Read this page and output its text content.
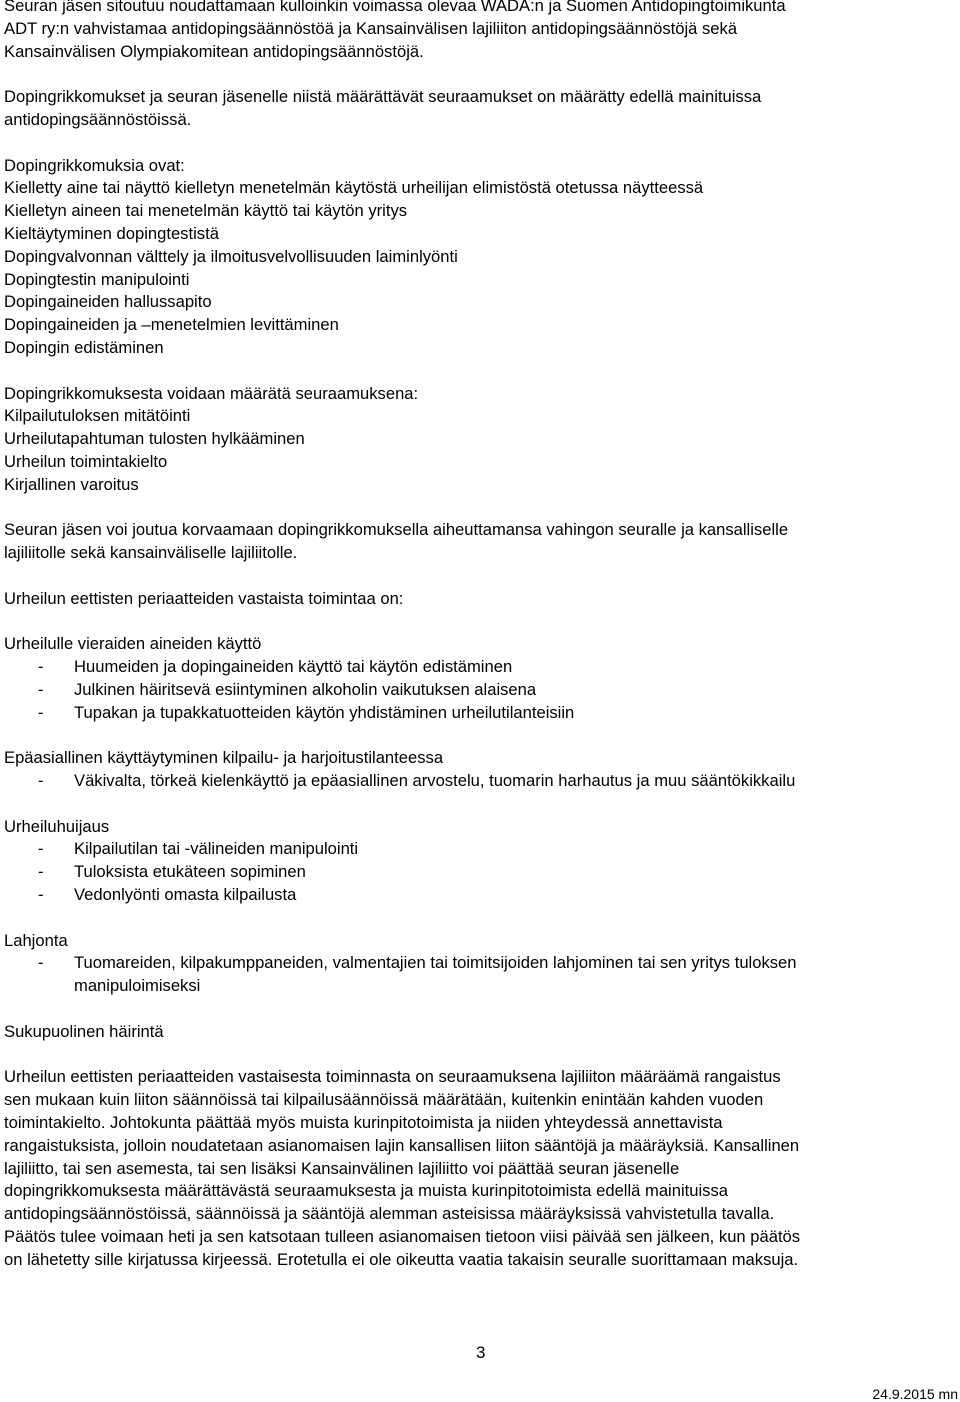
Seuran jäsen sitoutuu noudattamaan kulloinkin voimassa olevaa WADA:n ja Suomen Antidopingtoimikunta
ADT ry:n vahvistamaa antidopingsäännöstöä ja Kansainvälisen lajiliiton antidopingsäännöstöjä sekä
Kansainvälisen Olympiakomitean antidopingsäännöstöjä.
Dopingrikkomukset ja seuran jäsenelle niistä määrättävät seuraamukset on määrätty edellä mainituissa
antidopingsäännöstöissä.
Dopingrikkomuksia ovat:
Kielletty aine tai näyttö kielletyn menetelmän käytöstä urheilijan elimistöstä otetussa näytteessä
Kielletyn aineen tai menetelmän käyttö tai käytön yritys
Kieltäytyminen dopingtestistä
Dopingvalvonnan välttely ja ilmoitusvelvollisuuden laiminlyönti
Dopingtestin manipulointi
Dopingaineiden hallussapito
Dopingaineiden ja –menetelmien levittäminen
Dopingin edistäminen
Dopingrikkomuksesta voidaan määrätä seuraamuksena:
Kilpailutuloksen mitätöinti
Urheilutapahtuman tulosten hylkääminen
Urheilun toimintakielto
Kirjallinen varoitus
Seuran jäsen voi joutua korvaamaan dopingrikkomuksella aiheuttamansa vahingon seuralle ja kansalliselle
lajiliitolle sekä kansainväliselle lajiliitolle.
Urheilun eettisten periaatteiden vastaista toimintaa on:
Urheilulle vieraiden aineiden käyttö
- Huumeiden ja dopingaineiden käyttö tai käytön edistäminen
- Julkinen häiritsevä esiintyminen alkoholin vaikutuksen alaisena
- Tupakan ja tupakkatuotteiden käytön yhdistäminen urheilutilanteisiin
Epäasiallinen käyttäytyminen kilpailu- ja harjoitustilanteessa
- Väkivalta, törkeä kielenkäyttö ja epäasiallinen arvostelu, tuomarin harhautus ja muu sääntökikkailu
Urheiluhuijaus
- Kilpailutilan tai -välineiden manipulointi
- Tuloksista etukäteen sopiminen
- Vedonlyönti omasta kilpailusta
Lahjonta
- Tuomareiden, kilpakumppaneiden, valmentajien tai toimitsijoiden lahjominen tai sen yritys tuloksen
manipuloimiseksi
Sukupuolinen häirintä
Urheilun eettisten periaatteiden vastaisesta toiminnasta on seuraamuksena lajiliiton määräämä rangaistus
sen mukaan kuin liiton säännöissä tai kilpailusäännöissä määrätään, kuitenkin enintään kahden vuoden
toimintakielto. Johtokunta päättää myös muista kurinpitotoimista ja niiden yhteydessä annettavista
rangaistuksista, jolloin noudatetaan asianomaisen lajin kansallisen liiton sääntöjä ja määräyksiä. Kansallinen
lajiliitto, tai sen asemesta, tai sen lisäksi Kansainvälinen lajiliitto voi päättää seuran jäsenelle
dopingrikkomuksesta määrättävästä seuraamuksesta ja muista kurinpitotoimista edellä mainituissa
antidopingsäännöstöissä, säännöissä ja sääntöjä alemman asteisissa määräyksissä vahvistetulla tavalla.
Päätös tulee voimaan heti ja sen katsotaan tulleen asianomaisen tietoon viisi päivää sen jälkeen, kun päätös
on lähetetty sille kirjatussa kirjeessä. Erotetulla ei ole oikeutta vaatia takaisin seuralle suorittamaan maksuja.
3
24.9.2015 mn
